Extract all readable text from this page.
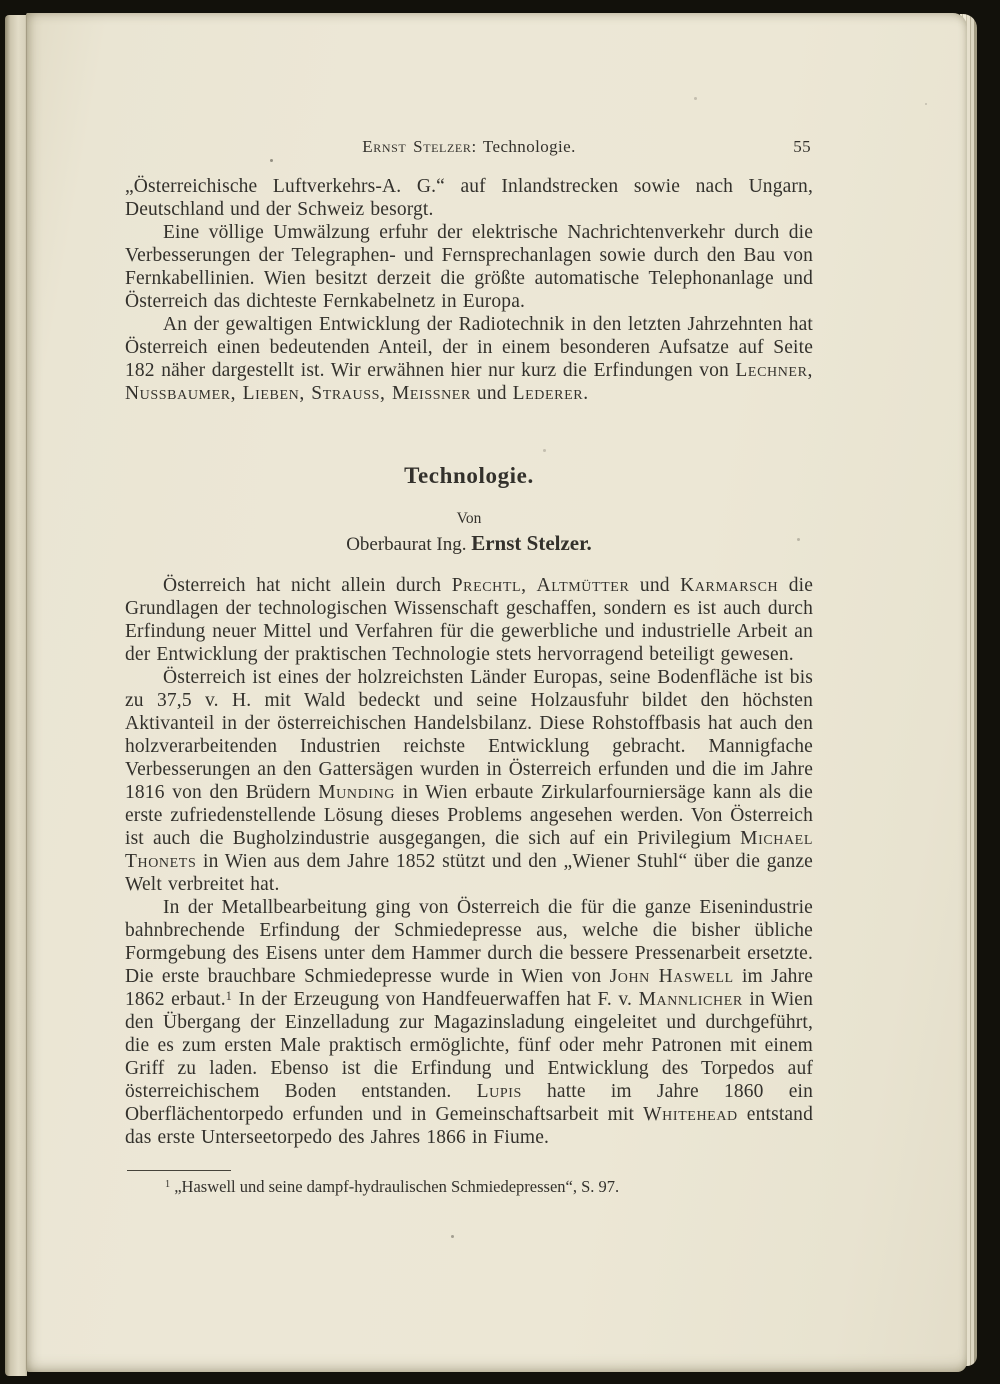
Ernst Stelzer: Technologie.	55

„Österreichische Luftverkehrs-A. G.“ auf Inlandstrecken sowie nach Ungarn, Deutschland und der Schweiz besorgt.

Eine völlige Umwälzung erfuhr der elektrische Nachrichtenverkehr durch die Verbesserungen der Telegraphen- und Fernsprechanlagen sowie durch den Bau von Fernkabellinien. Wien besitzt derzeit die größte automatische Telephonanlage und Österreich das dichteste Fernkabelnetz in Europa.

An der gewaltigen Entwicklung der Radiotechnik in den letzten Jahrzehnten hat Österreich einen bedeutenden Anteil, der in einem besonderen Aufsatze auf Seite 182 näher dargestellt ist. Wir erwähnen hier nur kurz die Erfindungen von Lechner, Nussbaumer, Lieben, Strauss, Meissner und Lederer.

Technologie.
Von
Oberbaurat Ing. Ernst Stelzer.

Österreich hat nicht allein durch Prechtl, Altmütter und Karmarsch die Grundlagen der technologischen Wissenschaft geschaffen, sondern es ist auch durch Erfindung neuer Mittel und Verfahren für die gewerbliche und industrielle Arbeit an der Entwicklung der praktischen Technologie stets hervorragend beteiligt gewesen.

Österreich ist eines der holzreichsten Länder Europas, seine Bodenfläche ist bis zu 37,5 v. H. mit Wald bedeckt und seine Holzausfuhr bildet den höchsten Aktivanteil in der österreichischen Handelsbilanz. Diese Rohstoffbasis hat auch den holzverarbeitenden Industrien reichste Entwicklung gebracht. Mannigfache Verbesserungen an den Gattersägen wurden in Österreich erfunden und die im Jahre 1816 von den Brüdern Munding in Wien erbaute Zirkularfourniersäge kann als die erste zufriedenstellende Lösung dieses Problems angesehen werden. Von Österreich ist auch die Bugholzindustrie ausgegangen, die sich auf ein Privilegium Michael Thonets in Wien aus dem Jahre 1852 stützt und den „Wiener Stuhl“ über die ganze Welt verbreitet hat.

In der Metallbearbeitung ging von Österreich die für die ganze Eisenindustrie bahnbrechende Erfindung der Schmiedepresse aus, welche die bisher übliche Formgebung des Eisens unter dem Hammer durch die bessere Pressenarbeit ersetzte. Die erste brauchbare Schmiedepresse wurde in Wien von John Haswell im Jahre 1862 erbaut.$^1$ In der Erzeugung von Handfeuerwaffen hat F. v. Mannlicher in Wien den Übergang der Einzelladung zur Magazinsladung eingeleitet und durchgeführt, die es zum ersten Male praktisch ermöglichte, fünf oder mehr Patronen mit einem Griff zu laden. Ebenso ist die Erfindung und Entwicklung des Torpedos auf österreichischem Boden entstanden. Lupis hatte im Jahre 1860 ein Oberflächentorpedo erfunden und in Gemeinschaftsarbeit mit Whitehead entstand das erste Unterseetorpedo des Jahres 1866 in Fiume.

$^1$ „Haswell und seine dampf-hydraulischen Schmiedepressen“, S. 97.
